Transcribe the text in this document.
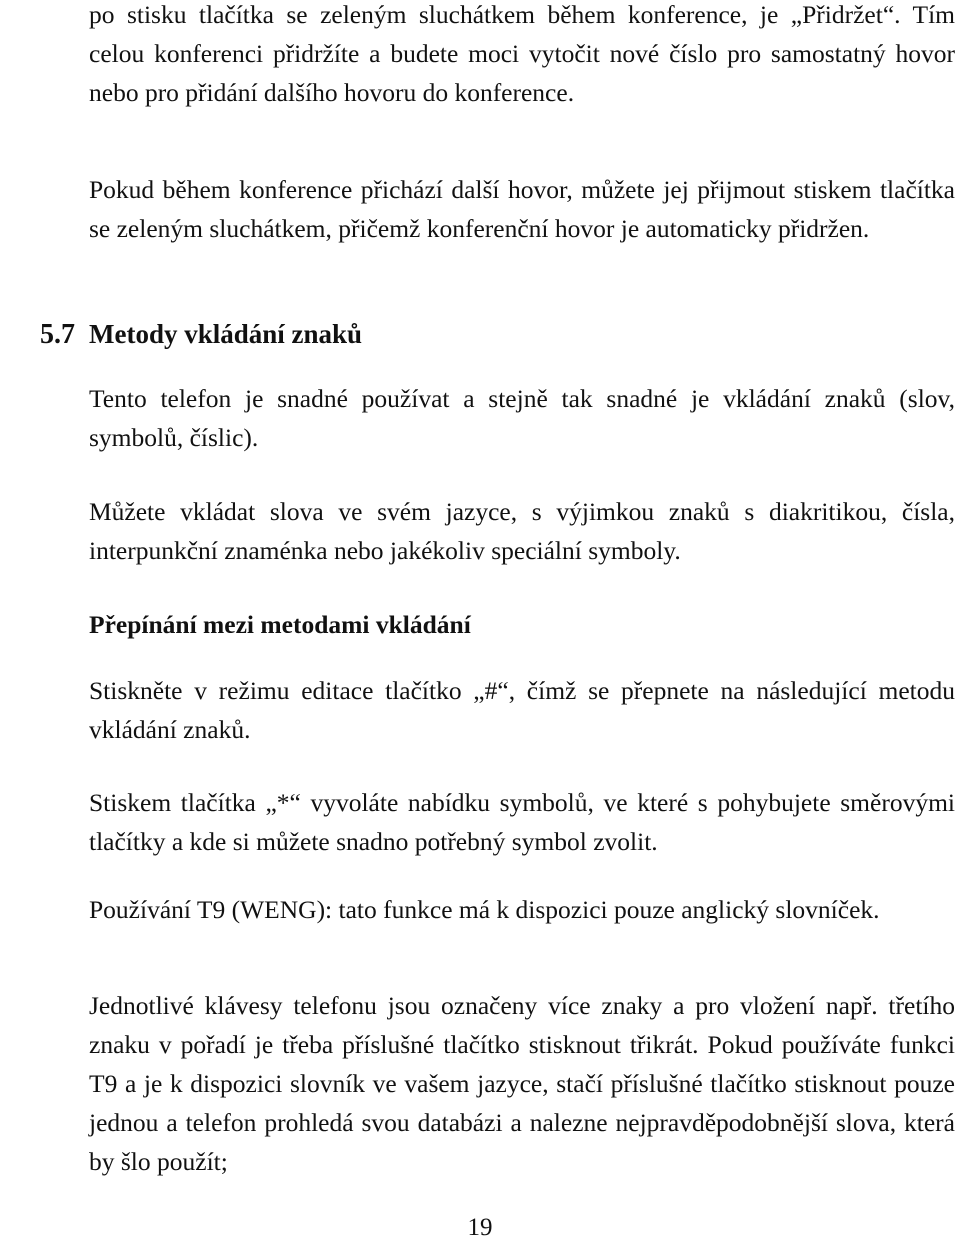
po stisku tlačítka se zeleným sluchátkem během konference, je „Přidržet“. Tím celou konferenci přidržíte a budete moci vytočit nové číslo pro samostatný hovor nebo pro přidání dalšího hovoru do konference.

Pokud během konference přichází další hovor, můžete jej přijmout stiskem tlačítka se zeleným sluchátkem, přičemž konferenční hovor je automaticky přidržen.

5.7 Metody vkládání znaků

Tento telefon je snadné používat a stejně tak snadné je vkládání znaků (slov, symbolů, číslic).

Můžete vkládat slova ve svém jazyce, s výjimkou znaků s diakritikou, čísla, interpunkční znaménka nebo jakékoliv speciální symboly.

Přepínání mezi metodami vkládání

Stiskněte v režimu editace tlačítko „#“, čímž se přepnete na následující metodu vkládání znaků.

Stiskem tlačítka „*“ vyvoláte nabídku symbolů, ve které s pohybujete směrovými tlačítky a kde si můžete snadno potřebný symbol zvolit.

Používání T9 (WENG): tato funkce má k dispozici pouze anglický slovníček.

Jednotlivé klávesy telefonu jsou označeny více znaky a pro vložení např. třetího znaku v pořadí je třeba příslušné tlačítko stisknout třikrát. Pokud používáte funkci T9 a je k dispozici slovník ve vašem jazyce, stačí příslušné tlačítko stisknout pouze jednou a telefon prohledá svou databázi a nalezne nejpravděpodobnější slova, která by šlo použít;

19
